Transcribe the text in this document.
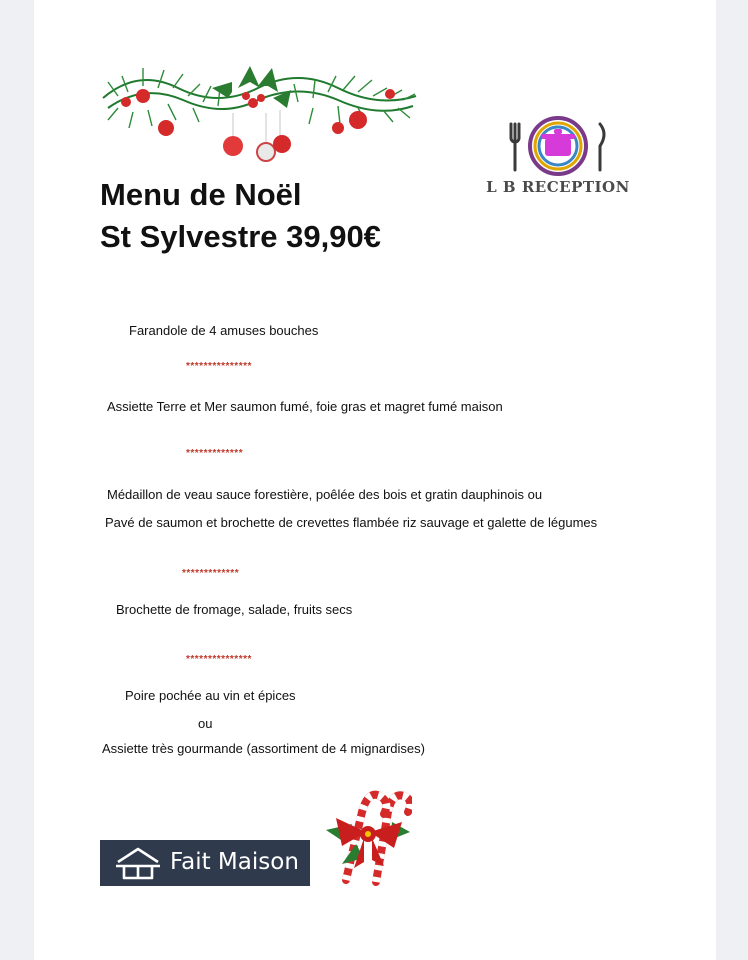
L B RECEPTION
Menu de Noël
St Sylvestre 39,90€
Farandole de 4 amuses bouches
***************
Assiette Terre et Mer saumon fumé, foie gras et magret fumé maison
*************
Médaillon de veau sauce forestière, poêlée des bois et gratin dauphinois ou
Pavé de saumon et brochette de crevettes flambée riz sauvage et galette de légumes
*************
Brochette de fromage, salade, fruits secs
***************
Poire pochée au vin et épices
ou
Assiette très gourmande (assortiment de 4 mignardises)
Fait Maison
